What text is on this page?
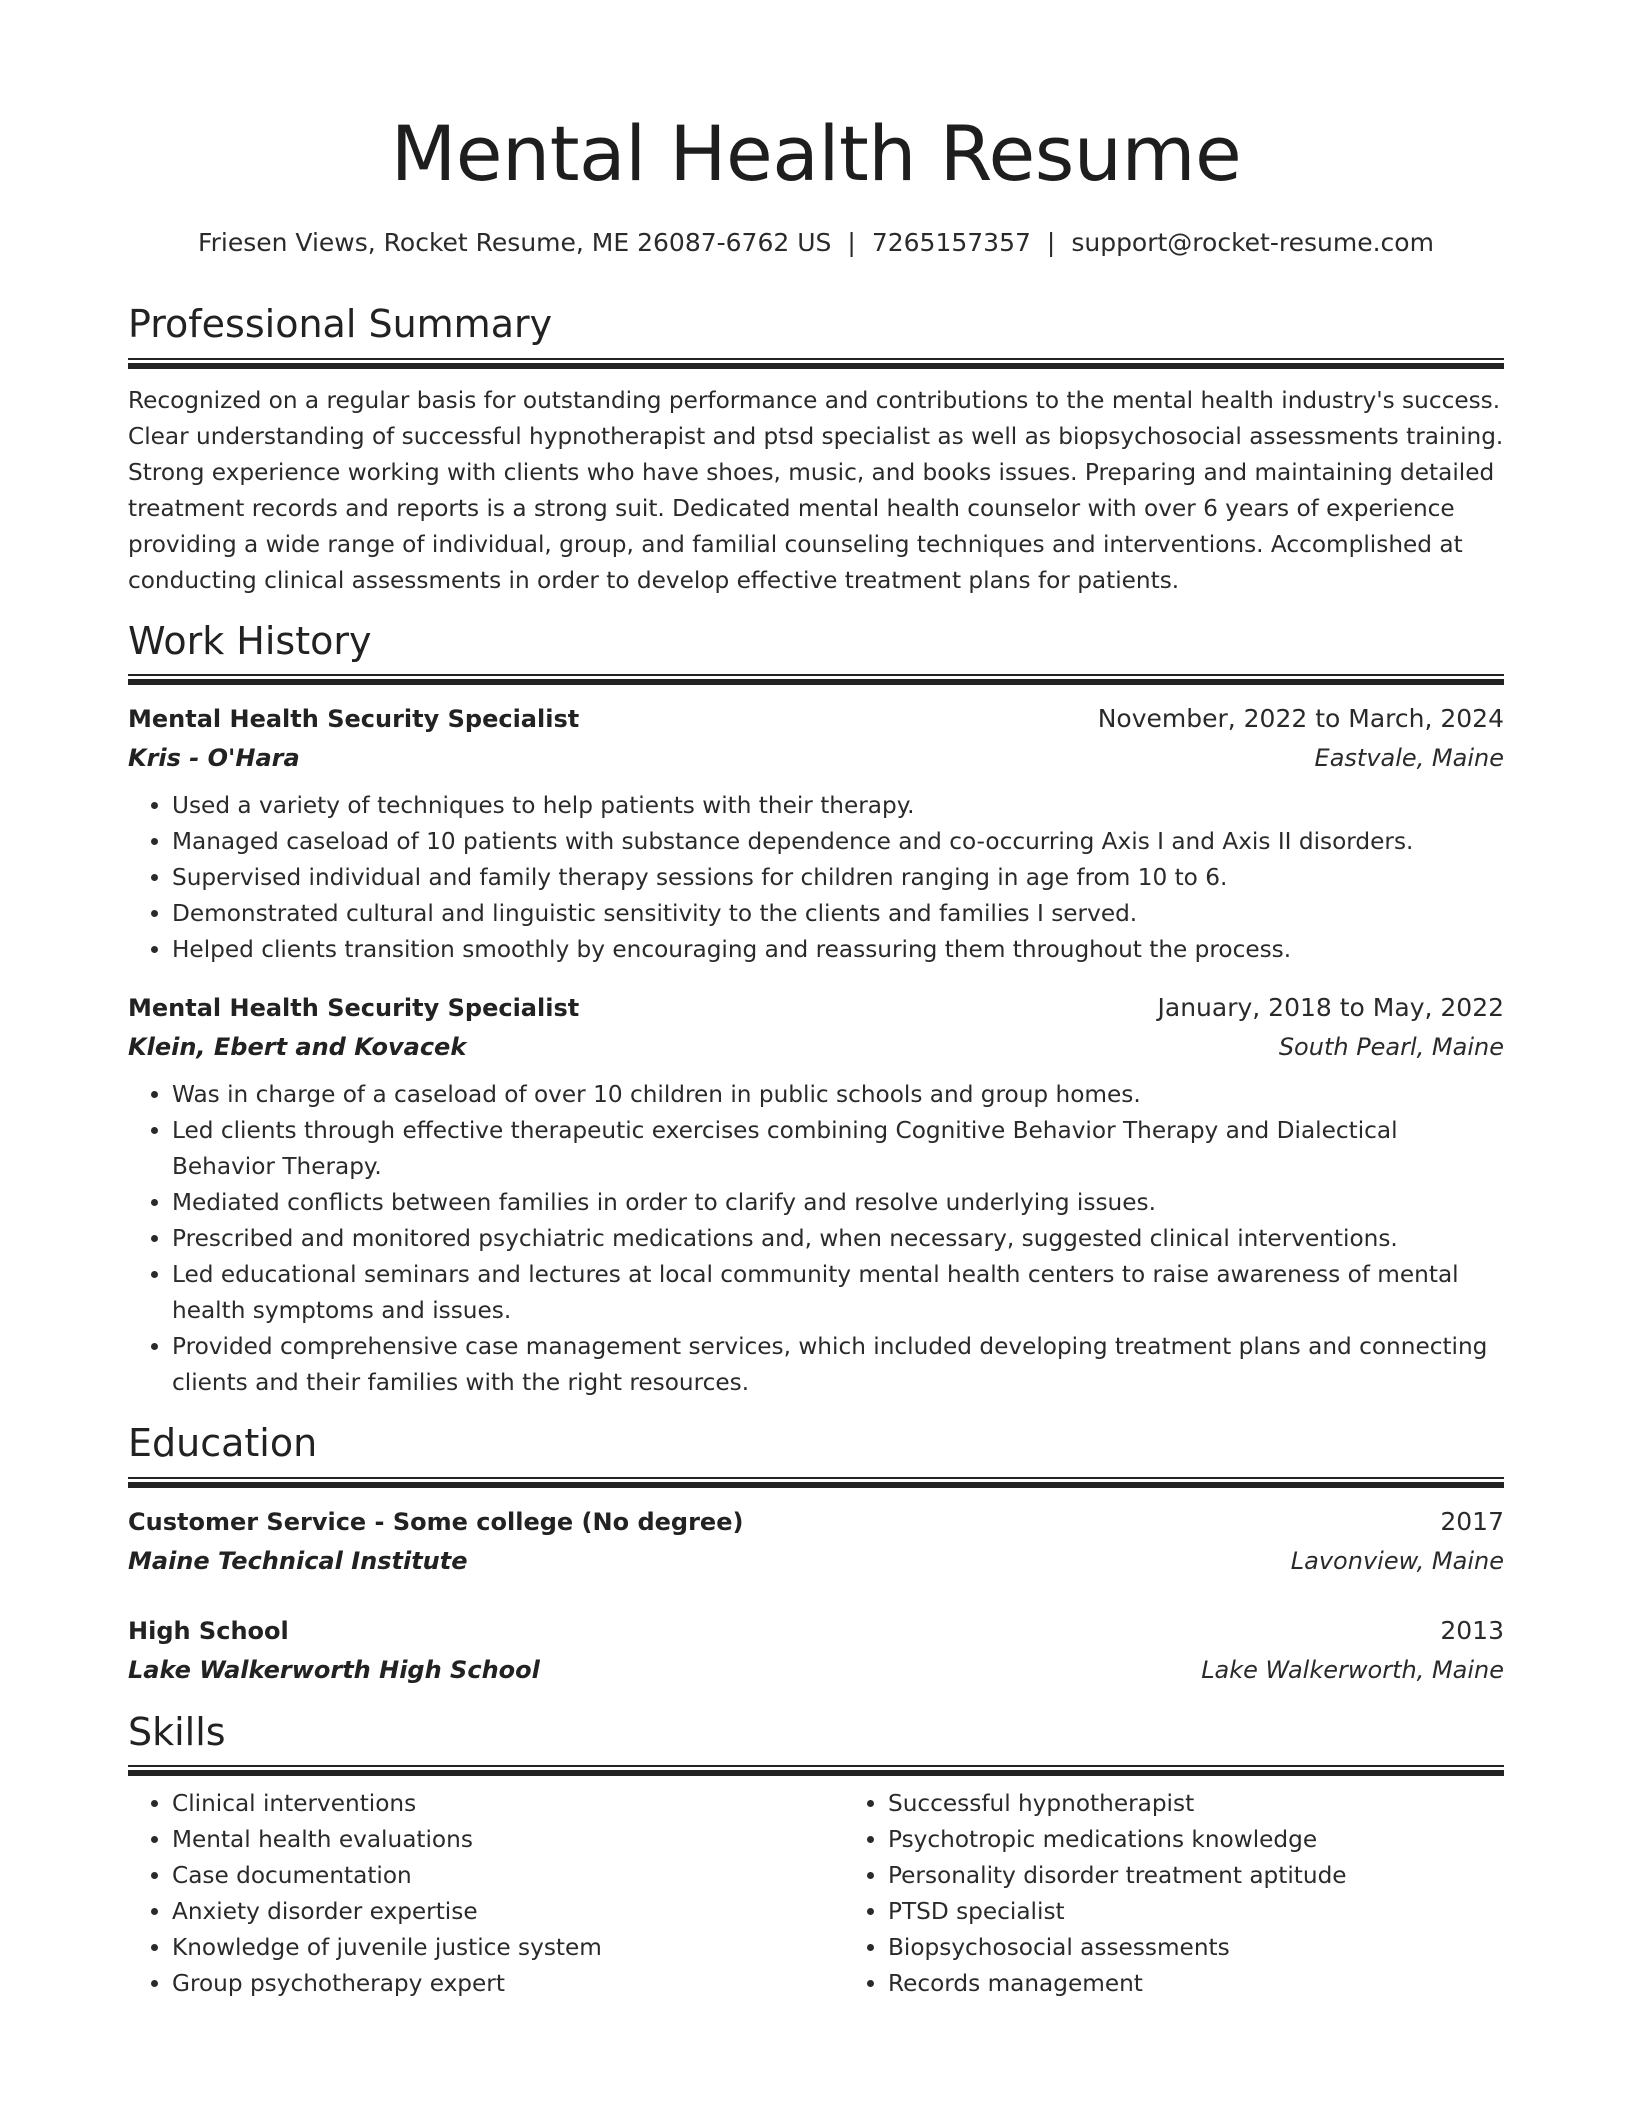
Mental Health Resume
Friesen Views, Rocket Resume, ME 26087-6762 US | 7265157357 | support@rocket-resume.com
Professional Summary

Recognized on a regular basis for outstanding performance and contributions to the mental health industry's success. Clear understanding of successful hypnotherapist and ptsd specialist as well as biopsychosocial assessments training. Strong experience working with clients who have shoes, music, and books issues. Preparing and maintaining detailed treatment records and reports is a strong suit. Dedicated mental health counselor with over 6 years of experience providing a wide range of individual, group, and familial counseling techniques and interventions. Accomplished at conducting clinical assessments in order to develop effective treatment plans for patients.

Work History
Mental Health Security Specialist	November, 2022 to March, 2024
Kris - O'Hara	Eastvale, Maine
• Used a variety of techniques to help patients with their therapy.
• Managed caseload of 10 patients with substance dependence and co-occurring Axis I and Axis II disorders.
• Supervised individual and family therapy sessions for children ranging in age from 10 to 6.
• Demonstrated cultural and linguistic sensitivity to the clients and families I served.
• Helped clients transition smoothly by encouraging and reassuring them throughout the process.
Mental Health Security Specialist	January, 2018 to May, 2022
Klein, Ebert and Kovacek	South Pearl, Maine
• Was in charge of a caseload of over 10 children in public schools and group homes.
• Led clients through effective therapeutic exercises combining Cognitive Behavior Therapy and Dialectical Behavior Therapy.
• Mediated conflicts between families in order to clarify and resolve underlying issues.
• Prescribed and monitored psychiatric medications and, when necessary, suggested clinical interventions.
• Led educational seminars and lectures at local community mental health centers to raise awareness of mental health symptoms and issues.
• Provided comprehensive case management services, which included developing treatment plans and connecting clients and their families with the right resources.
Education
Customer Service - Some college (No degree)	2017
Maine Technical Institute	Lavonview, Maine
High School	2013
Lake Walkerworth High School	Lake Walkerworth, Maine
Skills
• Clinical interventions
• Mental health evaluations
• Case documentation
• Anxiety disorder expertise
• Knowledge of juvenile justice system
• Group psychotherapy expert
• Successful hypnotherapist
• Psychotropic medications knowledge
• Personality disorder treatment aptitude
• PTSD specialist
• Biopsychosocial assessments
• Records management
